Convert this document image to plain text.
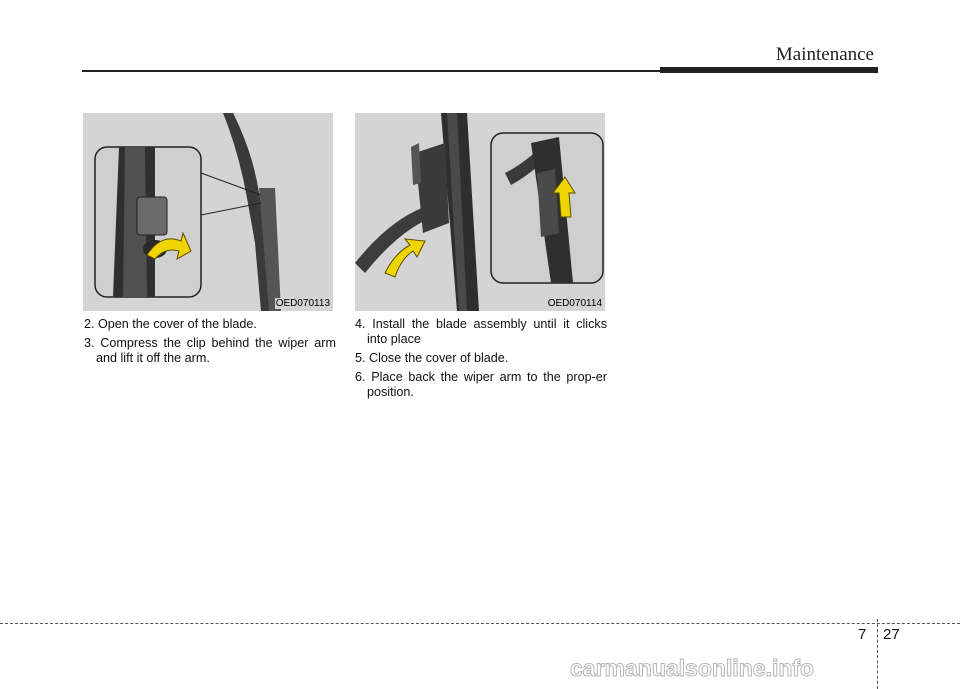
Maintenance
OED070113	OED070114
2. Open the cover of the blade.
3. Compress the clip behind the wiper arm and lift it off the arm.
4. Install the blade assembly until it clicks into place
5. Close the cover of blade.
6. Place back the wiper arm to the prop-er position.
7 27
carmanualsonline.info
